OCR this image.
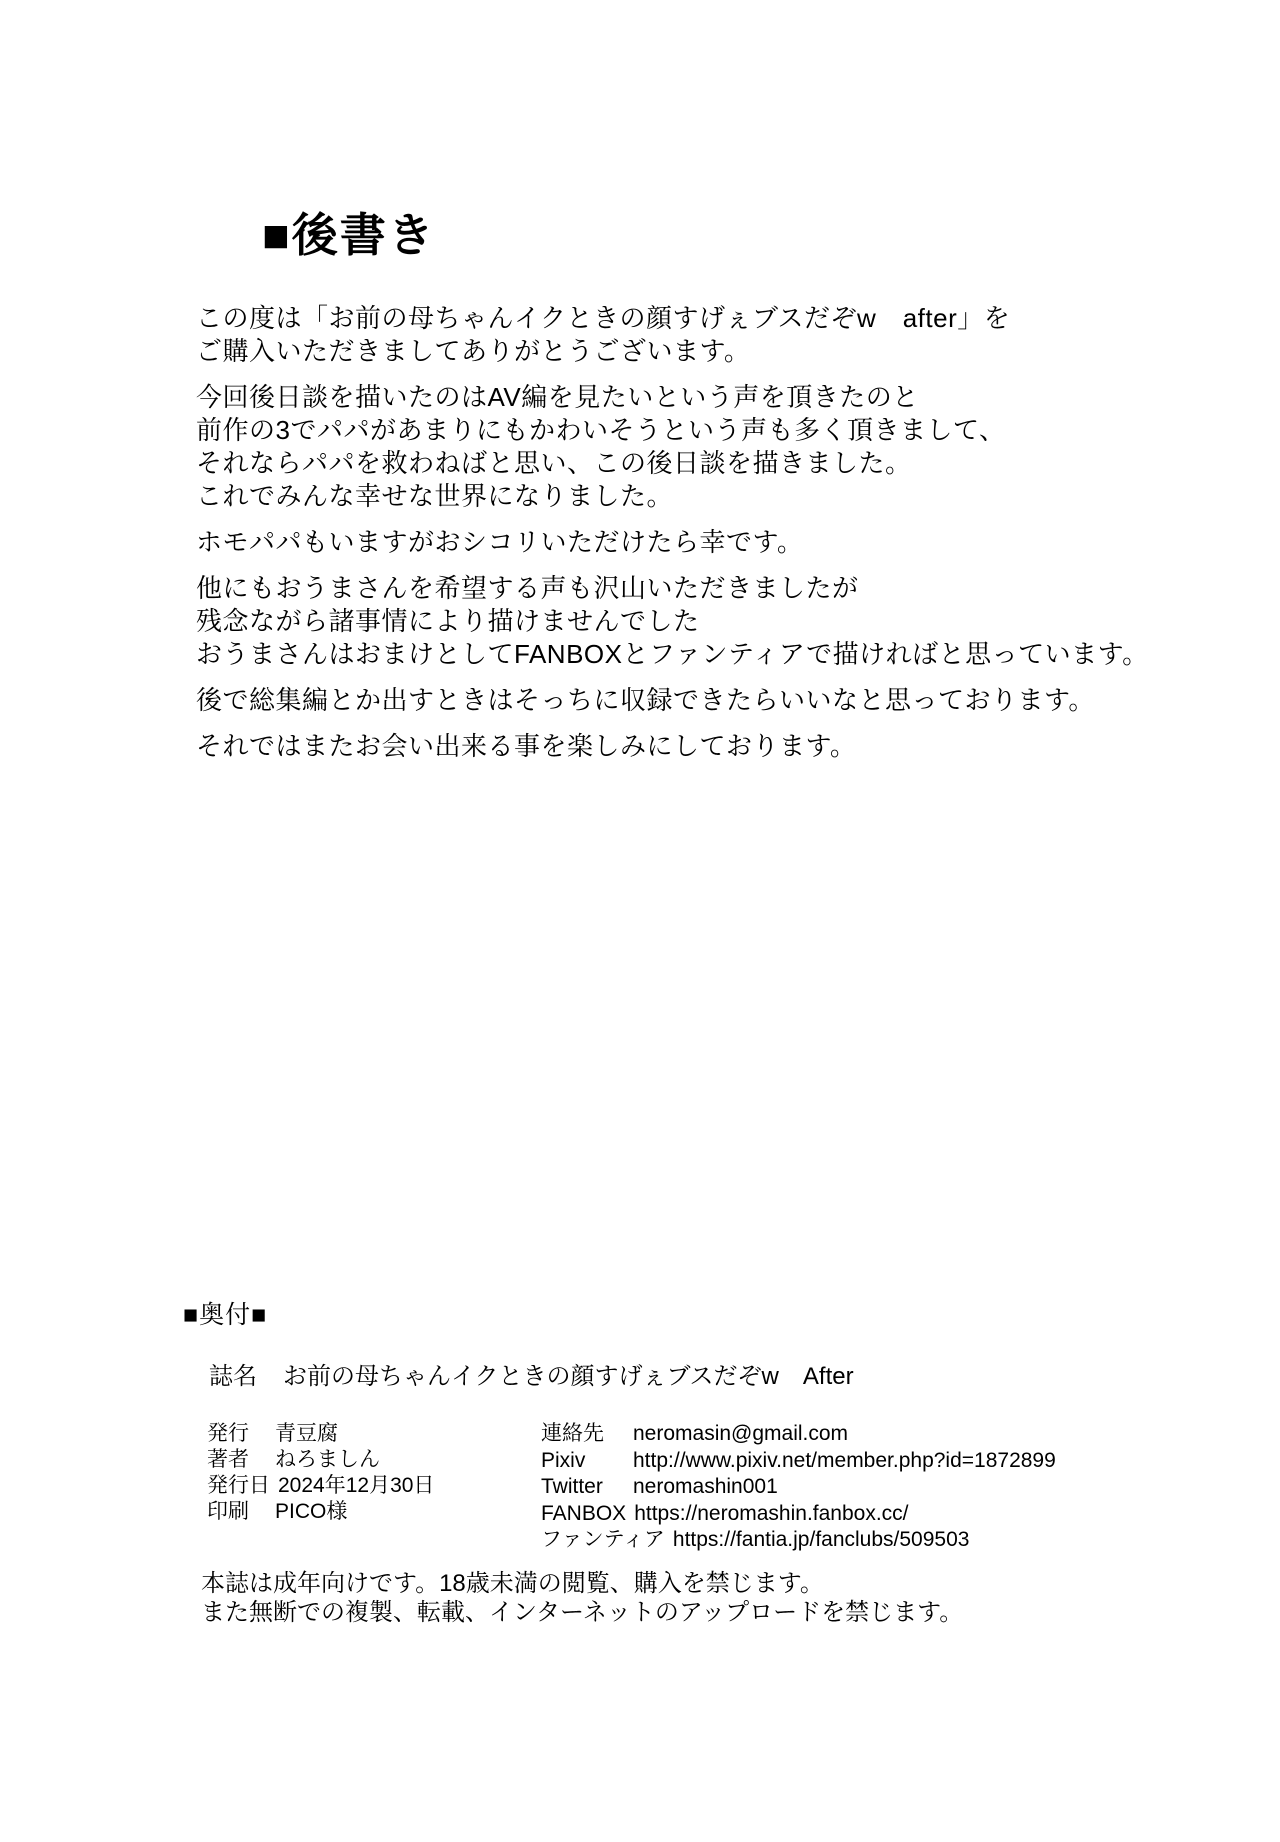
■後書き

この度は「お前の母ちゃんイクときの顔すげぇブスだぞw　after」を
ご購入いただきましてありがとうございます。

今回後日談を描いたのはAV編を見たいという声を頂きたのと
前作の3でパパがあまりにもかわいそうという声も多く頂きまして、
それならパパを救わねばと思い、この後日談を描きました。
これでみんな幸せな世界になりました。

ホモパパもいますがおシコリいただけたら幸です。

他にもおうまさんを希望する声も沢山いただきましたが
残念ながら諸事情により描けませんでした
おうまさんはおまけとしてFANBOXとファンティアで描ければと思っています。

後で総集編とか出すときはそっちに収録できたらいいなと思っております。

それではまたお会い出来る事を楽しみにしております。

■奥付■
誌名 お前の母ちゃんイクときの顔すげぇブスだぞw　After
発行	青豆腐
著者	ねろましん
発行日 2024年12月30日
印刷	PICO様
連絡先	neromasin@gmail.com
Pixiv	http://www.pixiv.net/member.php?id=1872899
Twitter	neromashin001
FANBOX https://neromashin.fanbox.cc/
ファンティア https://fantia.jp/fanclubs/509503
本誌は成年向けです。18歳未満の閲覧、購入を禁じます。
また無断での複製、転載、インターネットのアップロードを禁じます。
